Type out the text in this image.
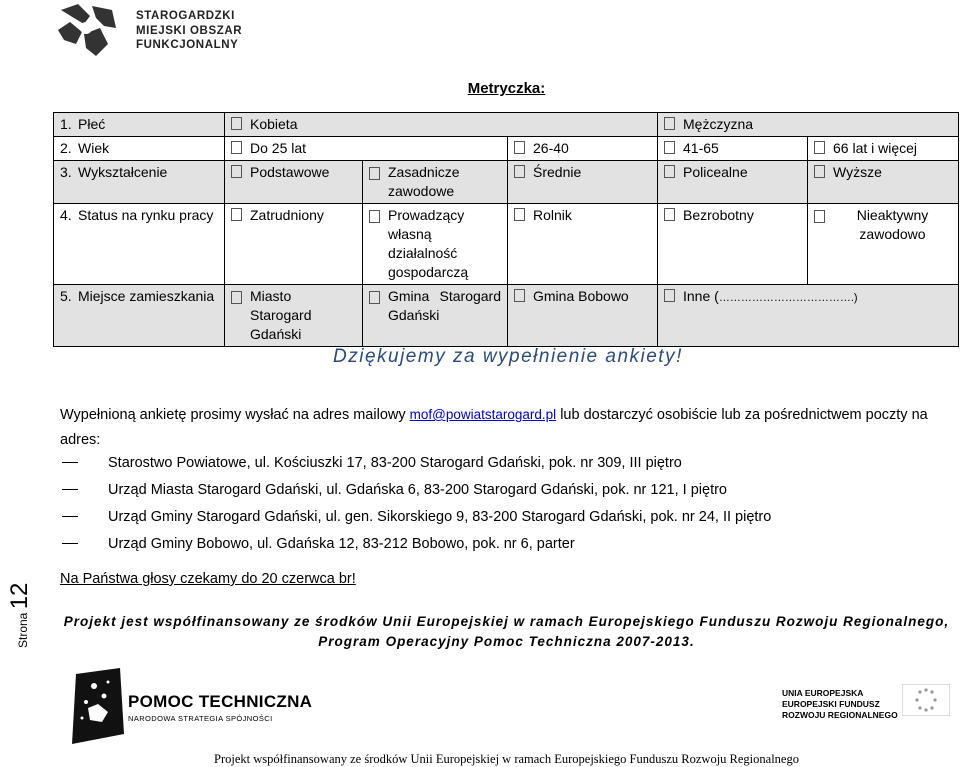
STAROGARDZKI
MIEJSKI OBSZAR
FUNKCJONALNY
Metryczka:
1. Płeć	Kobieta			Mężczyzna	
2. Wiek	Do 25 lat		26-40	41-65	66 lat i więcej
3. Wykształcenie	Podstawowe	Zasadnicze zawodowe	Średnie	Policealne	Wyższe
4. Status na rynku pracy	Zatrudniony	Prowadzący własną działalność gospodarczą	Rolnik	Bezrobotny	Nieaktywny zawodowo

5. Miejsce zamieszkania	Miasto Starogard Gdański	Gmina Starogard Gdański	Gmina Bobowo	Inne (……………………………….)	
Dziękujemy za wypełnienie ankiety!
Wypełnioną ankietę prosimy wysłać na adres mailowy mof@powiatstarogard.pl lub dostarczyć osobiście lub za pośrednictwem poczty na adres:
Starostwo Powiatowe, ul. Kościuszki 17, 83-200 Starogard Gdański, pok. nr 309, III piętro
Urząd Miasta Starogard Gdański, ul. Gdańska 6, 83-200 Starogard Gdański, pok. nr 121, I piętro
Urząd Gminy Starogard Gdański, ul. gen. Sikorskiego 9, 83-200 Starogard Gdański, pok. nr 24, II piętro
Urząd Gminy Bobowo, ul. Gdańska 12, 83-212 Bobowo, pok. nr 6, parter
Na Państwa głosy czekamy do 20 czerwca br!
Projekt jest współfinansowany ze środków Unii Europejskiej w ramach Europejskiego Funduszu Rozwoju Regionalnego,
Program Operacyjny Pomoc Techniczna 2007-2013.
Strona 12
POMOC TECHNICZNA
NARODOWA STRATEGIA SPÓJNOŚCI
UNIA EUROPEJSKA
EUROPEJSKI FUNDUSZ
ROZWOJU REGIONALNEGO
Projekt współfinansowany ze środków Unii Europejskiej w ramach Europejskiego Funduszu Rozwoju Regionalnego
